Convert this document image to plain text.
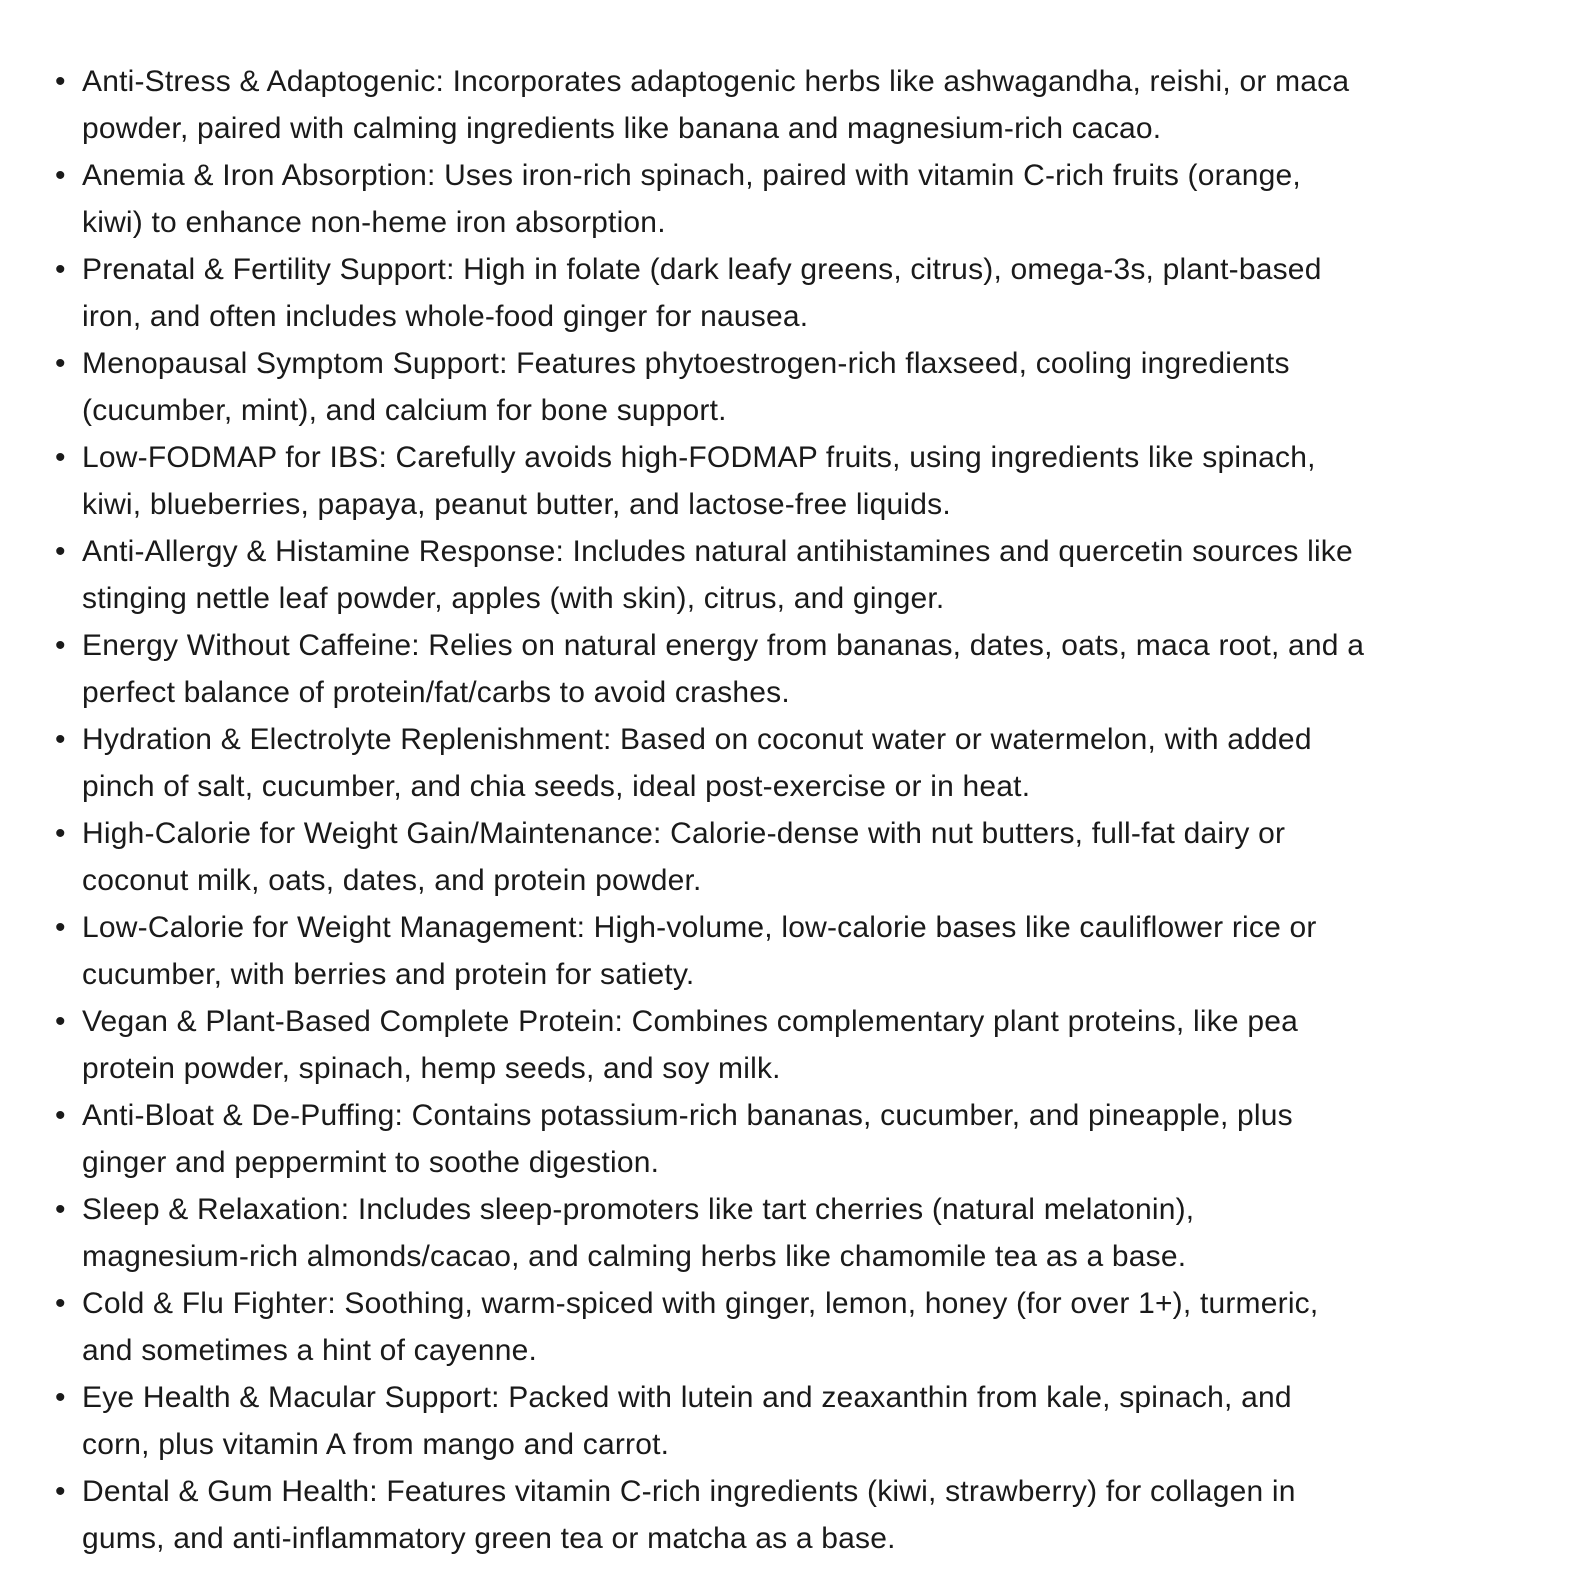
• Anti-Stress & Adaptogenic: Incorporates adaptogenic herbs like ashwagandha, reishi, or maca
powder, paired with calming ingredients like banana and magnesium-rich cacao.
• Anemia & Iron Absorption: Uses iron-rich spinach, paired with vitamin C-rich fruits (orange,
kiwi) to enhance non-heme iron absorption.
• Prenatal & Fertility Support: High in folate (dark leafy greens, citrus), omega-3s, plant-based
iron, and often includes whole-food ginger for nausea.
• Menopausal Symptom Support: Features phytoestrogen-rich flaxseed, cooling ingredients
(cucumber, mint), and calcium for bone support.
• Low-FODMAP for IBS: Carefully avoids high-FODMAP fruits, using ingredients like spinach,
kiwi, blueberries, papaya, peanut butter, and lactose-free liquids.
• Anti-Allergy & Histamine Response: Includes natural antihistamines and quercetin sources like
stinging nettle leaf powder, apples (with skin), citrus, and ginger.
• Energy Without Caffeine: Relies on natural energy from bananas, dates, oats, maca root, and a
perfect balance of protein/fat/carbs to avoid crashes.
• Hydration & Electrolyte Replenishment: Based on coconut water or watermelon, with added
pinch of salt, cucumber, and chia seeds, ideal post-exercise or in heat.
• High-Calorie for Weight Gain/Maintenance: Calorie-dense with nut butters, full-fat dairy or
coconut milk, oats, dates, and protein powder.
• Low-Calorie for Weight Management: High-volume, low-calorie bases like cauliflower rice or
cucumber, with berries and protein for satiety.
• Vegan & Plant-Based Complete Protein: Combines complementary plant proteins, like pea
protein powder, spinach, hemp seeds, and soy milk.
• Anti-Bloat & De-Puffing: Contains potassium-rich bananas, cucumber, and pineapple, plus
ginger and peppermint to soothe digestion.
• Sleep & Relaxation: Includes sleep-promoters like tart cherries (natural melatonin),
magnesium-rich almonds/cacao, and calming herbs like chamomile tea as a base.
• Cold & Flu Fighter: Soothing, warm-spiced with ginger, lemon, honey (for over 1+), turmeric,
and sometimes a hint of cayenne.
• Eye Health & Macular Support: Packed with lutein and zeaxanthin from kale, spinach, and
corn, plus vitamin A from mango and carrot.
• Dental & Gum Health: Features vitamin C-rich ingredients (kiwi, strawberry) for collagen in
gums, and anti-inflammatory green tea or matcha as a base.
